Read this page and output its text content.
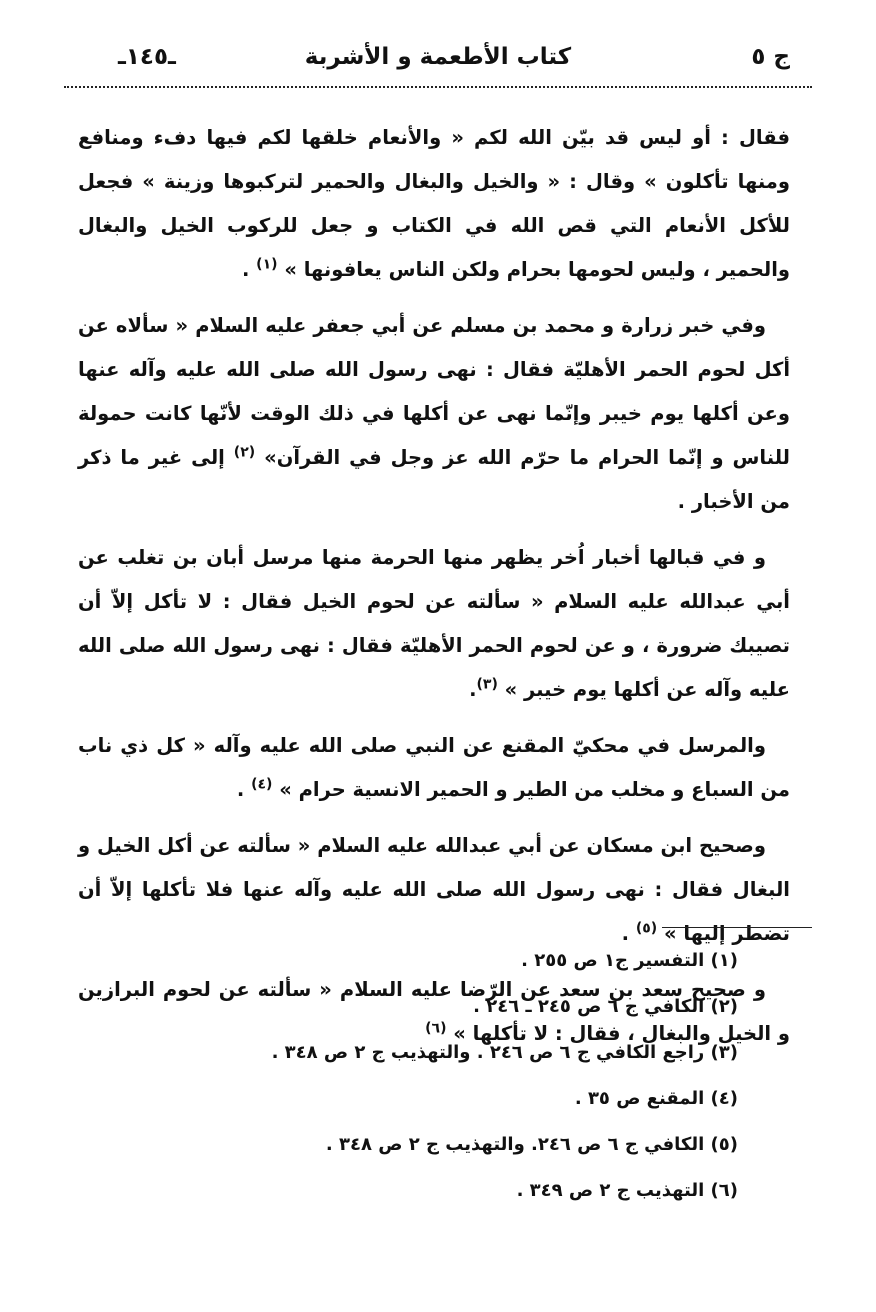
ج ٥
كتاب الأطعمة و الأشربة
ـ١٤٥ـ

فقال : أو ليس قد بيّن الله لكم « والأنعام خلقها لكم فيها دفء ومنافع ومنها تأكلون » وقال : « والخيل والبغال والحمير لتركبوها وزينة » فجعل للأكل الأنعام التي قص الله في الكتاب و جعل للركوب الخيل والبغال والحمير ، وليس لحومها بحرام ولكن الناس يعافونها » $^{(١)}$ .

وفي خبر زرارة و محمد بن مسلم عن أبي جعفر عليه السلام « سألاه عن أكل لحوم الحمر الأهليّة فقال : نهى رسول الله صلى الله عليه وآله عنها وعن أكلها يوم خيبر وإنّما نهى عن أكلها في ذلك الوقت لأنّها كانت حمولة للناس و إنّما الحرام ما حرّم الله عز وجل في القرآن» $^{(٢)}$ إلى غير ما ذكر من الأخبار .

و في قبالها أخبار اُخر يظهر منها الحرمة منها مرسل أبان بن تغلب عن أبي عبدالله عليه السلام « سألته عن لحوم الخيل فقال : لا تأكل إلاّ أن تصيبك ضرورة ، و عن لحوم الحمر الأهليّة فقال : نهى رسول الله صلى الله عليه وآله عن أكلها يوم خيبر » $^{(٣)}$.

والمرسل في محكيّ المقنع عن النبي صلى الله عليه وآله « كل ذي ناب من السباع و مخلب من الطير و الحمير الانسية حرام » $^{(٤)}$ .

وصحيح ابن مسكان عن أبي عبدالله عليه السلام « سألته عن أكل الخيل و البغال فقال : نهى رسول الله صلى الله عليه وآله عنها فلا تأكلها إلاّ أن تضطر إليها » $^{(٥)}$ .

و صحيح سعد بن سعد عن الرّضا عليه السلام « سألته عن لحوم البرازين و الخيل والبغال ، فقال : لا تأكلها » $^{(٦)}$

(١) التفسير ج١ ص ٢٥٥ .
(٢) الكافي ج ٦ ص ٢٤٥ ـ ٢٤٦ .
(٣) راجع الكافي ج ٦ ص ٢٤٦ . والتهذيب ج ٢ ص ٣٤٨ .
(٤) المقنع ص ٣٥ .
(٥) الكافي ج ٦ ص ٢٤٦. والتهذيب ج ٢ ص ٣٤٨ .
(٦) التهذيب ج ٢ ص ٣٤٩ .
